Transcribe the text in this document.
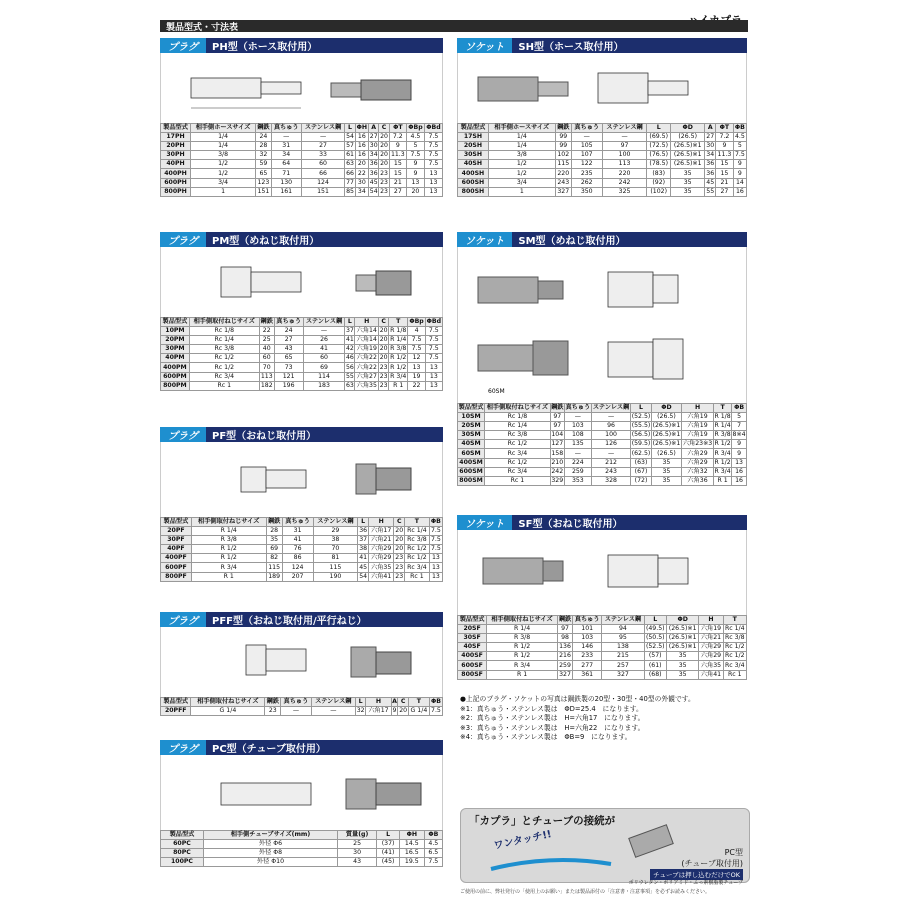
製品型式・寸法表
プラグ	PH型（ホース取付用）
製品型式	相手側ホースサイズ	鋼鉄	真ちゅう	ステンレス鋼	L	ΦH	A	C	ΦT	ΦBp	ΦBd
17PH	1/4	24	—	—	54	16	27	20	7.2	4.5	7.5
20PH	1/4	28	31	27	57	16	30	20	9	5	7.5
30PH	3/8	32	34	33	61	16	34	20	11.3	7.5	7.5
40PH	1/2	59	64	60	63	20	36	20	15	9	7.5
400PH	1/2	65	71	66	66	22	36	23	15	9	13
600PH	3/4	123	130	124	77	30	45	23	21	13	13
800PH	1	151	161	151	85	34	54	23	27	20	13
プラグ	PM型（めねじ取付用）
製品型式	相手側取付ねじサイズ	鋼鉄	真ちゅう	ステンレス鋼	L	H	C	T	ΦBp	ΦBd
10PM	Rc 1/8	22	24	—	37	六角14	20	R 1/8	4	7.5
20PM	Rc 1/4	25	27	26	41	六角14	20	R 1/4	7.5	7.5
30PM	Rc 3/8	40	43	41	42	六角19	20	R 3/8	7.5	7.5
40PM	Rc 1/2	60	65	60	46	六角22	20	R 1/2	12	7.5
400PM	Rc 1/2	70	73	69	56	六角22	23	R 1/2	13	13
600PM	Rc 3/4	113	121	114	55	六角27	23	R 3/4	19	13
800PM	Rc 1	182	196	183	63	六角35	23	R 1	22	13
プラグ	PF型（おねじ取付用）
製品型式	相手側取付ねじサイズ	鋼鉄	真ちゅう	ステンレス鋼	L	H	C	T	ΦB
20PF	R 1/4	28	31	29	36	六角17	20	Rc 1/4	7.5
30PF	R 3/8	35	41	38	37	六角21	20	Rc 3/8	7.5
40PF	R 1/2	69	76	70	38	六角29	20	Rc 1/2	7.5
400PF	R 1/2	82	86	81	41	六角29	23	Rc 1/2	13
600PF	R 3/4	115	124	115	45	六角35	23	Rc 3/4	13
800PF	R 1	189	207	190	54	六角41	23	Rc 1	13
プラグ	PFF型（おねじ取付用/平行ねじ）
製品型式	相手側取付ねじサイズ	鋼鉄	真ちゅう	ステンレス鋼	L	H	A	C	T	ΦB
20PFF	G 1/4	23	—	—	32	六角17	9	20	G 1/4	7.5
プラグ	PC型（チューブ取付用）
製品型式	相手側チューブサイズ(mm)	質量(g)	L	ΦH	ΦB
60PC	外径 Φ6	25	(37)	14.5	4.5
80PC	外径 Φ8	30	(41)	16.5	6.5
100PC	外径 Φ10	43	(45)	19.5	7.5
ソケット	SH型（ホース取付用）
製品型式	相手側ホースサイズ	鋼鉄	真ちゅう	ステンレス鋼	L	ΦD	A	ΦT	ΦB
17SH	1/4	99	—	—	(69.5)	(26.5)	27	7.2	4.5
20SH	1/4	99	105	97	(72.5)	(26.5)※1	30	9	5
30SH	3/8	102	107	100	(76.5)	(26.5)※1	34	11.3	7.5
40SH	1/2	115	122	113	(78.5)	(26.5)※1	36	15	9
400SH	1/2	220	235	220	(83)	35	36	15	9
600SH	3/4	243	262	242	(92)	35	45	21	14
800SH	1	327	350	325	(102)	35	55	27	16
ソケット	SM型（めねじ取付用）
60SM
製品型式	相手側取付ねじサイズ	鋼鉄	真ちゅう	ステンレス鋼	L	ΦD	H	T	ΦB
10SM	Rc 1/8	97	—	—	(52.5)	(26.5)	六角19	R 1/8	5
20SM	Rc 1/4	97	103	96	(55.5)	(26.5)※1	六角19	R 1/4	7
30SM	Rc 3/8	104	108	100	(56.5)	(26.5)※1	六角19	R 3/8	8※4
40SM	Rc 1/2	127	135	126	(59.5)	(26.5)※1	六角23※3	R 1/2	9
60SM	Rc 3/4	158	—	—	(62.5)	(26.5)	六角29	R 3/4	9
400SM	Rc 1/2	210	224	212	(63)	35	六角29	R 1/2	13
600SM	Rc 3/4	242	259	243	(67)	35	六角32	R 3/4	16
800SM	Rc 1	329	353	328	(72)	35	六角36	R 1	16
ソケット	SF型（おねじ取付用）
製品型式	相手側取付ねじサイズ	鋼鉄	真ちゅう	ステンレス鋼	L	ΦD	H	T
20SF	R 1/4	97	101	94	(49.5)	(26.5)※1	六角19	Rc 1/4
30SF	R 3/8	98	103	95	(50.5)	(26.5)※1	六角21	Rc 3/8
40SF	R 1/2	136	146	138	(52.5)	(26.5)※1	六角29	Rc 1/2
400SF	R 1/2	216	233	215	(57)	35	六角29	Rc 1/2
600SF	R 3/4	259	277	257	(61)	35	六角35	Rc 3/4
800SF	R 1	327	361	327	(68)	35	六角41	Rc 1
●上記のプラグ・ソケットの写真は鋼鉄製の20型・30型・40型の外観です。
※1：真ちゅう・ステンレス製は　ΦD=25.4　になります。
※2：真ちゅう・ステンレス製は　H=六角17　になります。
※3：真ちゅう・ステンレス製は　H=六角22　になります。
※4：真ちゅう・ステンレス製は　ΦB=9　になります。
「カプラ」とチューブの接続が
ワンタッチ!!
PC型
(チューブ取付用)
チューブは押し込むだけでOK
ポリウレタン・ポリアミド・ふっ素樹脂製チューブ
ご使用の前に、弊社発行の「使用上のお願い」または製品添付の「注意書・注意事項」を必ずお読みください。
